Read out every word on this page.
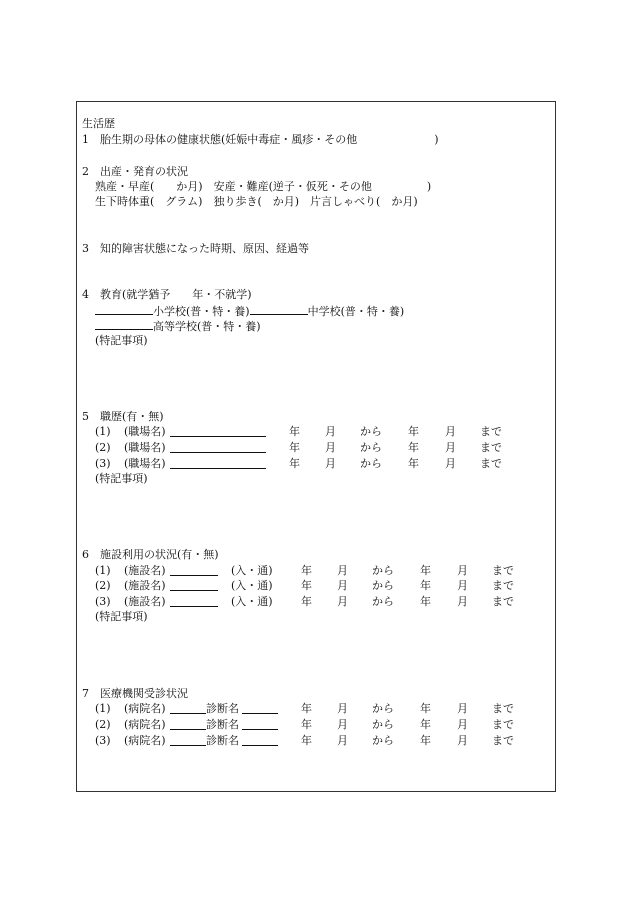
生活歴
1　胎生期の母体の健康状態(妊娠中毒症・風疹・その他　　　　　　　)
2　出産・発育の状況
熟産・早産(　　か月)　安産・難産(逆子・仮死・その他　　　　　)
生下時体重(　グラム)　独り歩き(　か月)　片言しゃべり(　か月)
3　知的障害状態になった時期、原因、経過等
4　教育(就学猶予　　年・不就学)
小学校(普・特・養)	中学校(普・特・養)
高等学校(普・特・養)
(特記事項)
5　職歴(有・無)
(1) (職場名)	年 月 から 年 月 まで
(2) (職場名)	年 月 から 年 月 まで
(3) (職場名)	年 月 から 年 月 まで
(特記事項)
6　施設利用の状況(有・無)
(1) (施設名)	(入・通)	年 月 から 年 月 まで
(2) (施設名)	(入・通)	年 月 から 年 月 まで
(3) (施設名)	(入・通)	年 月 から 年 月 まで
(特記事項)
7　医療機関受診状況
(1) (病院名)	診断名	年 月 から 年 月 まで
(2) (病院名)	診断名	年 月 から 年 月 まで
(3) (病院名)	診断名	年 月 から 年 月 まで
